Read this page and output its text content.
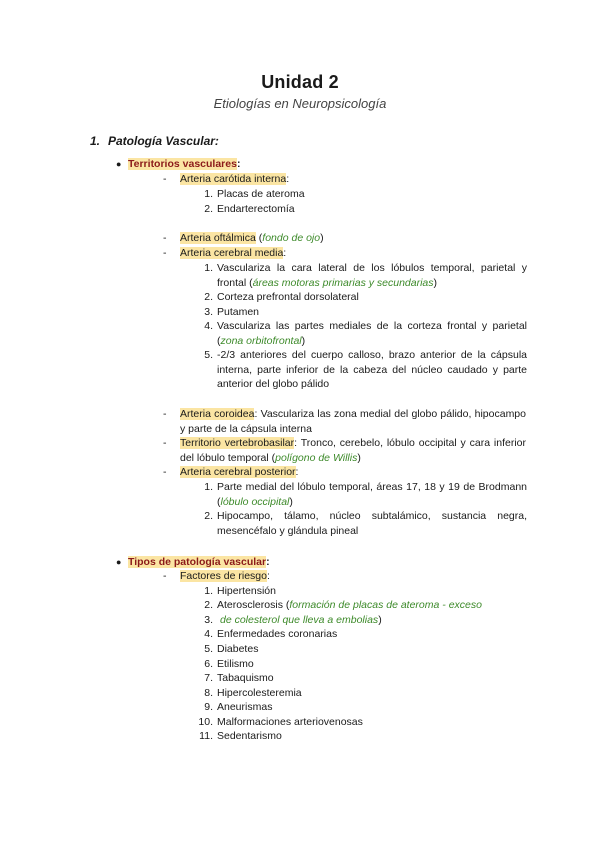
Unidad 2
Etiologías en Neuropsicología
1. Patología Vascular:
● Territorios vasculares:
-	Arteria carótida interna:
1. Placas de ateroma
2. Endarterectomía
-	Arteria oftálmica (fondo de ojo)
-	Arteria cerebral media:
1. Vasculariza la cara lateral de los lóbulos temporal, parietal y frontal (áreas motoras primarias y secundarias)
2. Corteza prefrontal dorsolateral
3. Putamen
4. Vasculariza las partes mediales de la corteza frontal y parietal (zona orbitofrontal)
5. -2/3 anteriores del cuerpo calloso, brazo anterior de la cápsula interna, parte inferior de la cabeza del núcleo caudado y parte anterior del globo pálido
-	Arteria coroidea: Vasculariza las zona medial del globo pálido, hipocampo y parte de la cápsula interna
-	Territorio vertebrobasilar: Tronco, cerebelo, lóbulo occipital y cara inferior del lóbulo temporal (polígono de Willis)
-	Arteria cerebral posterior:
1. Parte medial del lóbulo temporal, áreas 17, 18 y 19 de Brodmann (lóbulo occipital)
2. Hipocampo, tálamo, núcleo subtalámico, sustancia negra, mesencéfalo y glándula pineal
● Tipos de patología vascular:
-	Factores de riesgo:
1. Hipertensión
2. Aterosclerosis (formación de placas de ateroma - exceso
3. de colesterol que lleva a embolias)
4. Enfermedades coronarias
5. Diabetes
6. Etilismo
7. Tabaquismo
8. Hipercolesteremia
9. Aneurismas
10. Malformaciones arteriovenosas
11. Sedentarismo
